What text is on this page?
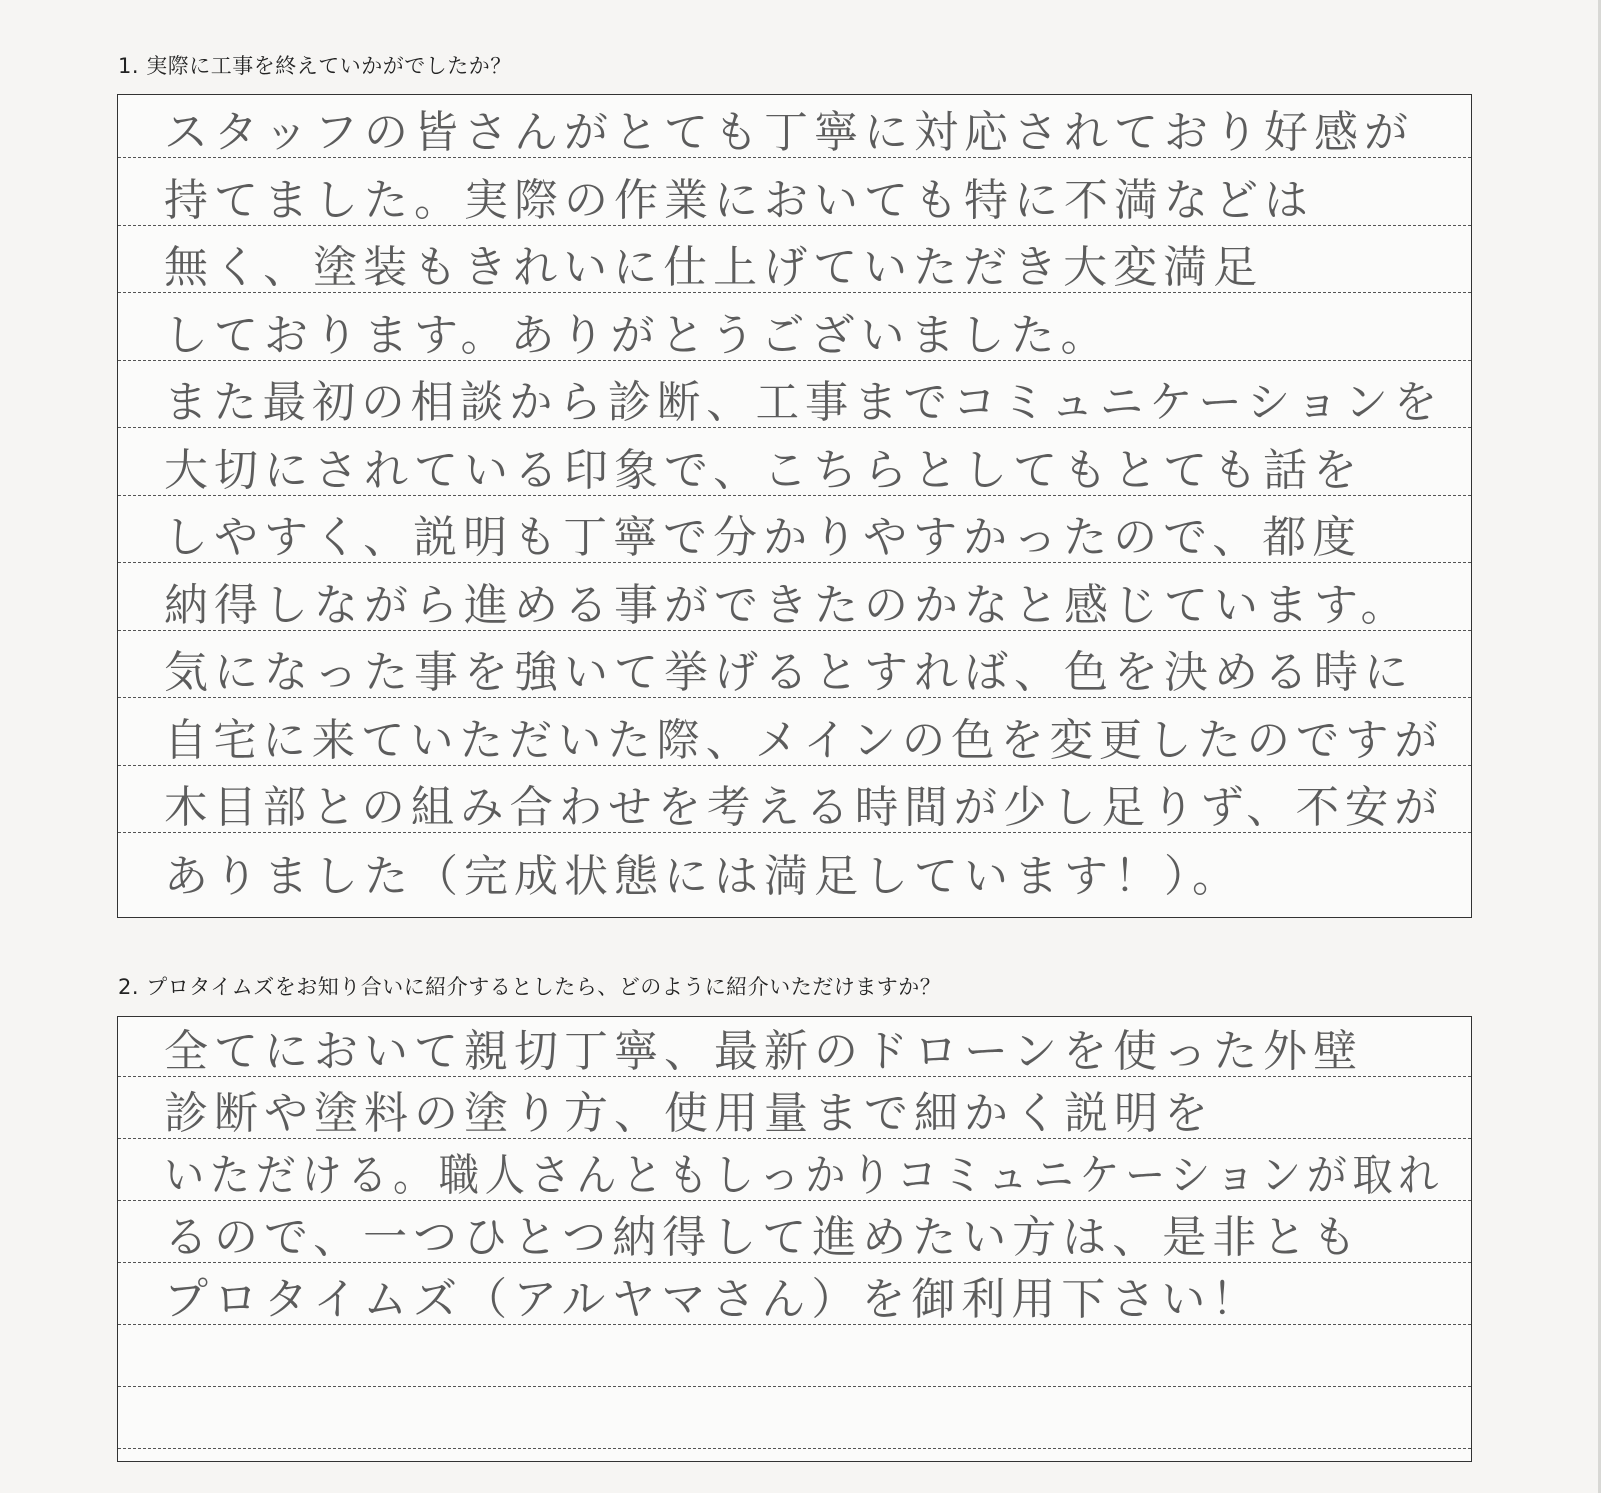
1. 実際に工事を終えていかがでしたか？
スタッフの皆さんがとても丁寧に対応されており好感が
持てました。実際の作業においても特に不満などは
無く、塗装もきれいに仕上げていただき大変満足
しております。ありがとうございました。
また最初の相談から診断、工事までコミュニケーションを
大切にされている印象で、こちらとしてもとても話を
しやすく、説明も丁寧で分かりやすかったので、都度
納得しながら進める事ができたのかなと感じています。
気になった事を強いて挙げるとすれば、色を決める時に
自宅に来ていただいた際、メインの色を変更したのですが
木目部との組み合わせを考える時間が少し足りず、不安が
ありました（完成状態には満足しています！）。
2. プロタイムズをお知り合いに紹介するとしたら、どのように紹介いただけますか？
全てにおいて親切丁寧、最新のドローンを使った外壁
診断や塗料の塗り方、使用量まで細かく説明を
いただける。職人さんともしっかりコミュニケーションが取れ
るので、一つひとつ納得して進めたい方は、是非とも
プロタイムズ（アルヤマさん）を御利用下さい！
